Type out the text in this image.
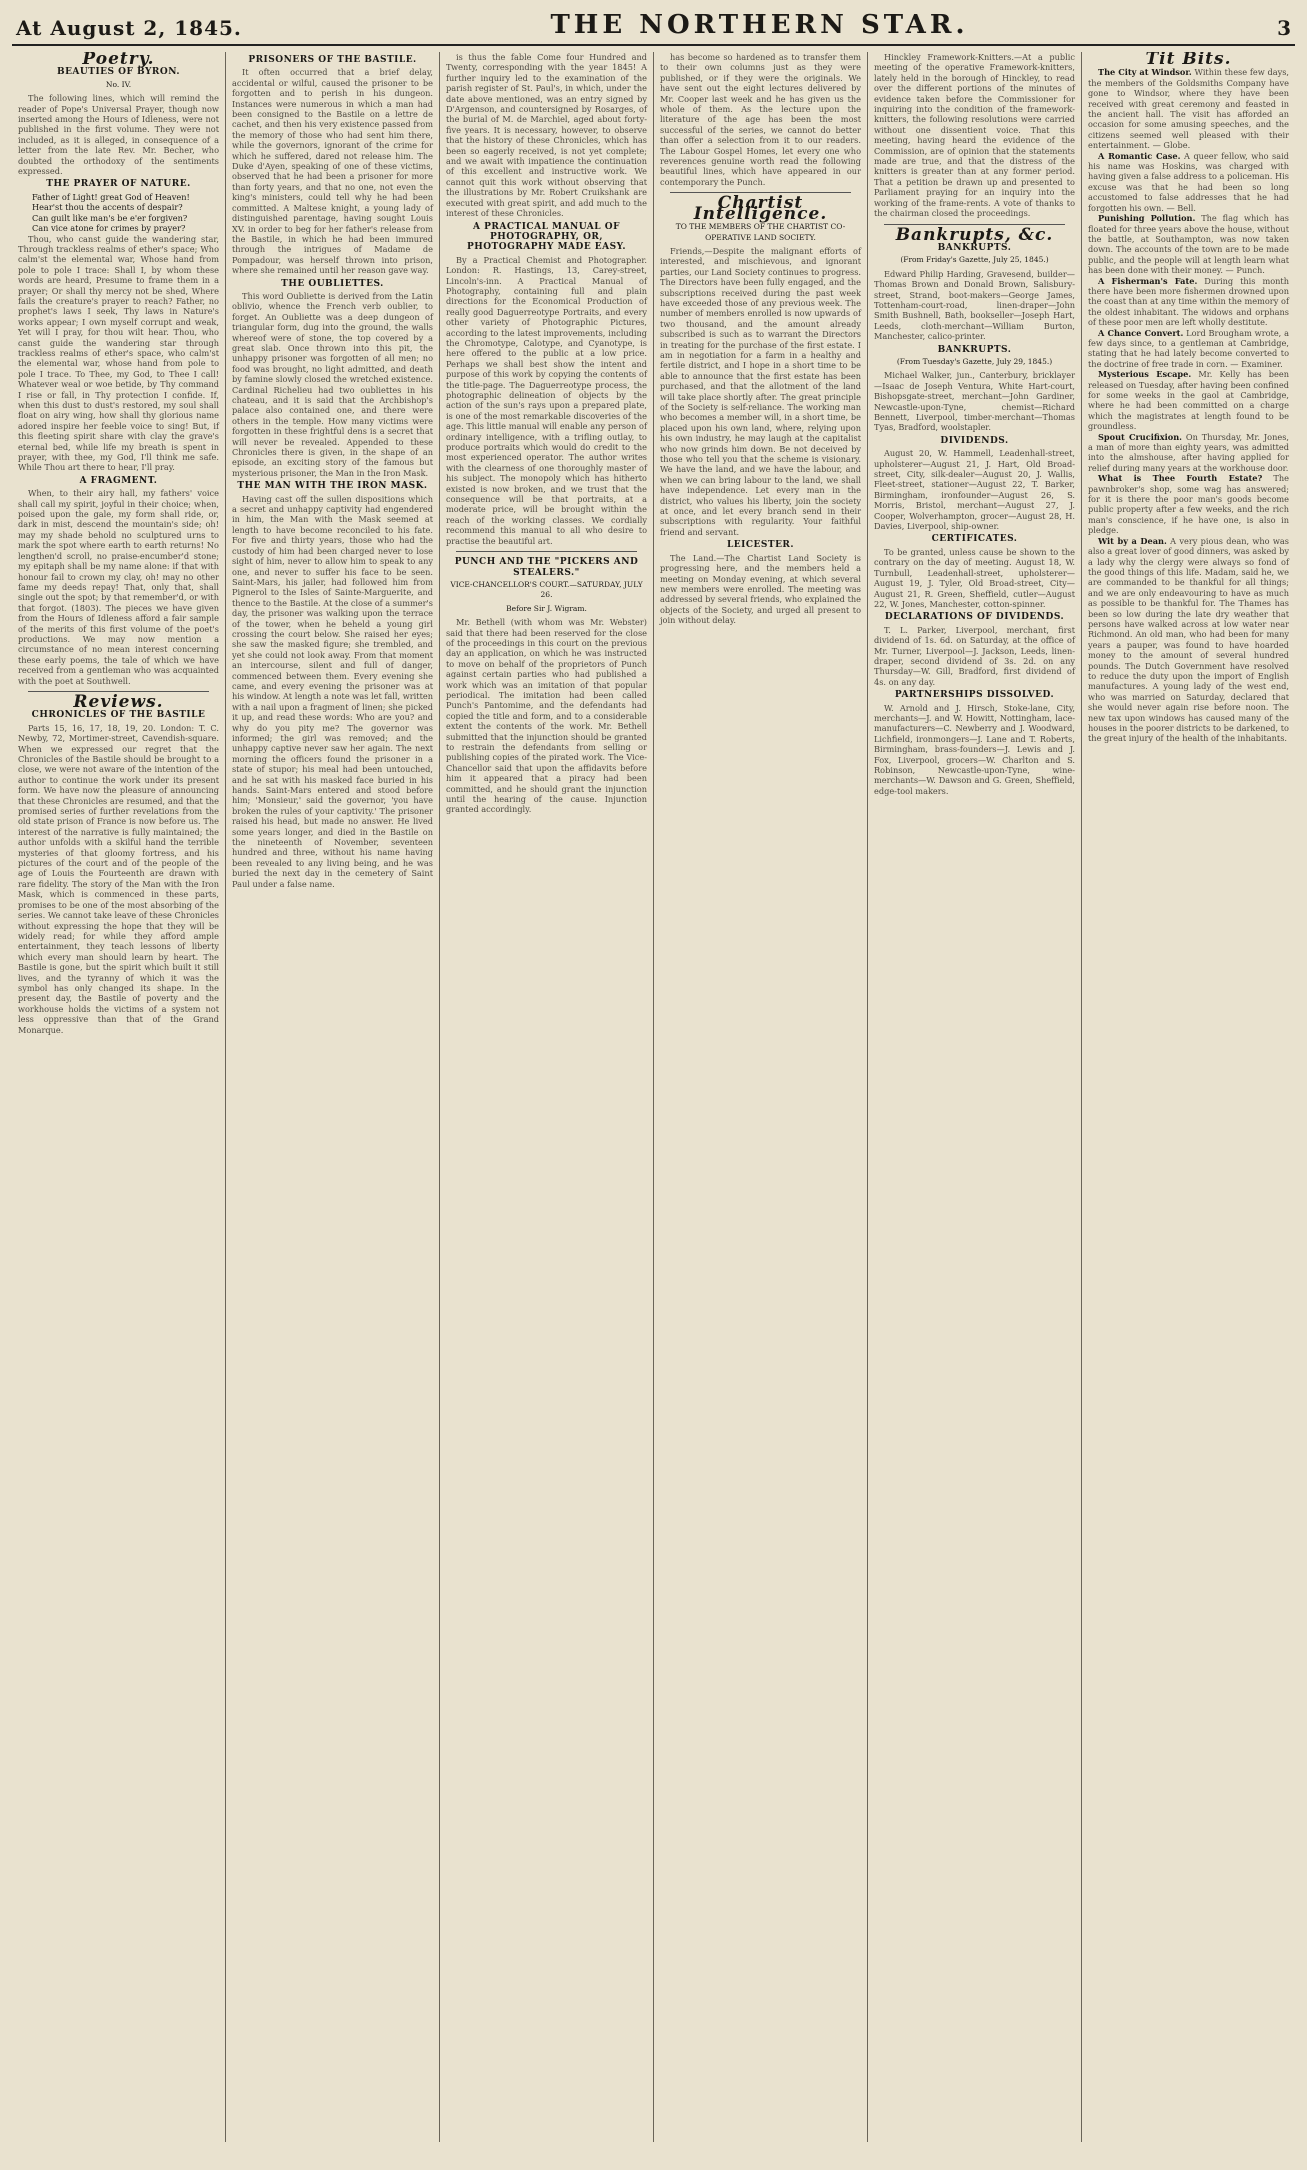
At August 2, 1845.	THE NORTHERN STAR.	3
Poetry.
BEAUTIES OF BYRON.
No. IV.

The following lines, which will remind the reader of Pope's Universal Prayer, though now inserted among the Hours of Idleness, were not published in the first volume. They were not included, as it is alleged, in consequence of a letter from the late Rev. Mr. Becher, who doubted the orthodoxy of the sentiments expressed.

THE PRAYER OF NATURE.

Father of Light! great God of Heaven!

Hear'st thou the accents of despair?

Can guilt like man's be e'er forgiven?

Can vice atone for crimes by prayer?

Thou, who canst guide the wandering star, Through trackless realms of ether's space; Who calm'st the elemental war, Whose hand from pole to pole I trace: Shall I, by whom these words are heard, Presume to frame them in a prayer; Or shall thy mercy not be shed, Where fails the creature's prayer to reach? Father, no prophet's laws I seek, Thy laws in Nature's works appear; I own myself corrupt and weak, Yet will I pray, for thou wilt hear. Thou, who canst guide the wandering star through trackless realms of ether's space, who calm'st the elemental war, whose hand from pole to pole I trace. To Thee, my God, to Thee I call! Whatever weal or woe betide, by Thy command I rise or fall, in Thy protection I confide. If, when this dust to dust's restored, my soul shall float on airy wing, how shall thy glorious name adored inspire her feeble voice to sing! But, if this fleeting spirit share with clay the grave's eternal bed, while life my breath is spent in prayer, with thee, my God, I'll think me safe. While Thou art there to hear, I'll pray.

A FRAGMENT.

When, to their airy hall, my fathers' voice shall call my spirit, joyful in their choice; when, poised upon the gale, my form shall ride, or, dark in mist, descend the mountain's side; oh! may my shade behold no sculptured urns to mark the spot where earth to earth returns! No lengthen'd scroll, no praise-encumber'd stone; my epitaph shall be my name alone: if that with honour fail to crown my clay, oh! may no other fame my deeds repay! That, only that, shall single out the spot; by that remember'd, or with that forgot. (1803). The pieces we have given from the Hours of Idleness afford a fair sample of the merits of this first volume of the poet's productions. We may now mention a circumstance of no mean interest concerning these early poems, the tale of which we have received from a gentleman who was acquainted with the poet at Southwell.

Reviews.
CHRONICLES OF THE BASTILE

Parts 15, 16, 17, 18, 19, 20. London: T. C. Newby, 72, Mortimer-street, Cavendish-square. When we expressed our regret that the Chronicles of the Bastile should be brought to a close, we were not aware of the intention of the author to continue the work under its present form. We have now the pleasure of announcing that these Chronicles are resumed, and that the promised series of further revelations from the old state prison of France is now before us. The interest of the narrative is fully maintained; the author unfolds with a skilful hand the terrible mysteries of that gloomy fortress, and his pictures of the court and of the people of the age of Louis the Fourteenth are drawn with rare fidelity. The story of the Man with the Iron Mask, which is commenced in these parts, promises to be one of the most absorbing of the series. We cannot take leave of these Chronicles without expressing the hope that they will be widely read; for while they afford ample entertainment, they teach lessons of liberty which every man should learn by heart. The Bastile is gone, but the spirit which built it still lives, and the tyranny of which it was the symbol has only changed its shape. In the present day, the Bastile of poverty and the workhouse holds the victims of a system not less oppressive than that of the Grand Monarque.

PRISONERS OF THE BASTILE.

It often occurred that a brief delay, accidental or wilful, caused the prisoner to be forgotten and to perish in his dungeon. Instances were numerous in which a man had been consigned to the Bastile on a lettre de cachet, and then his very existence passed from the memory of those who had sent him there, while the governors, ignorant of the crime for which he suffered, dared not release him. The Duke d'Ayen, speaking of one of these victims, observed that he had been a prisoner for more than forty years, and that no one, not even the king's ministers, could tell why he had been committed. A Maltese knight, a young lady of distinguished parentage, having sought Louis XV. in order to beg for her father's release from the Bastile, in which he had been immured through the intrigues of Madame de Pompadour, was herself thrown into prison, where she remained until her reason gave way.

THE OUBLIETTES.

This word Oubliette is derived from the Latin oblivio, whence the French verb oublier, to forget. An Oubliette was a deep dungeon of triangular form, dug into the ground, the walls whereof were of stone, the top covered by a great slab. Once thrown into this pit, the unhappy prisoner was forgotten of all men; no food was brought, no light admitted, and death by famine slowly closed the wretched existence. Cardinal Richelieu had two oubliettes in his chateau, and it is said that the Archbishop's palace also contained one, and there were others in the temple. How many victims were forgotten in these frightful dens is a secret that will never be revealed. Appended to these Chronicles there is given, in the shape of an episode, an exciting story of the famous but mysterious prisoner, the Man in the Iron Mask.

THE MAN WITH THE IRON MASK.

Having cast off the sullen dispositions which a secret and unhappy captivity had engendered in him, the Man with the Mask seemed at length to have become reconciled to his fate. For five and thirty years, those who had the custody of him had been charged never to lose sight of him, never to allow him to speak to any one, and never to suffer his face to be seen. Saint-Mars, his jailer, had followed him from Pignerol to the Isles of Sainte-Marguerite, and thence to the Bastile. At the close of a summer's day, the prisoner was walking upon the terrace of the tower, when he beheld a young girl crossing the court below. She raised her eyes; she saw the masked figure; she trembled, and yet she could not look away. From that moment an intercourse, silent and full of danger, commenced between them. Every evening she came, and every evening the prisoner was at his window. At length a note was let fall, written with a nail upon a fragment of linen; she picked it up, and read these words: Who are you? and why do you pity me? The governor was informed; the girl was removed; and the unhappy captive never saw her again. The next morning the officers found the prisoner in a state of stupor; his meal had been untouched, and he sat with his masked face buried in his hands. Saint-Mars entered and stood before him; 'Monsieur,' said the governor, 'you have broken the rules of your captivity.' The prisoner raised his head, but made no answer. He lived some years longer, and died in the Bastile on the nineteenth of November, seventeen hundred and three, without his name having been revealed to any living being, and he was buried the next day in the cemetery of Saint Paul under a false name.

is thus the fable Come four Hundred and Twenty, corresponding with the year 1845! A further inquiry led to the examination of the parish register of St. Paul's, in which, under the date above mentioned, was an entry signed by D'Argenson, and countersigned by Rosarges, of the burial of M. de Marchiel, aged about forty-five years. It is necessary, however, to observe that the history of these Chronicles, which has been so eagerly received, is not yet complete; and we await with impatience the continuation of this excellent and instructive work. We cannot quit this work without observing that the illustrations by Mr. Robert Cruikshank are executed with great spirit, and add much to the interest of these Chronicles.

A PRACTICAL MANUAL OF PHOTOGRAPHY, OR, PHOTOGRAPHY MADE EASY.

By a Practical Chemist and Photographer. London: R. Hastings, 13, Carey-street, Lincoln's-inn. A Practical Manual of Photography, containing full and plain directions for the Economical Production of really good Daguerreotype Portraits, and every other variety of Photographic Pictures, according to the latest improvements, including the Chromotype, Calotype, and Cyanotype, is here offered to the public at a low price. Perhaps we shall best show the intent and purpose of this work by copying the contents of the title-page. The Daguerreotype process, the photographic delineation of objects by the action of the sun's rays upon a prepared plate, is one of the most remarkable discoveries of the age. This little manual will enable any person of ordinary intelligence, with a trifling outlay, to produce portraits which would do credit to the most experienced operator. The author writes with the clearness of one thoroughly master of his subject. The monopoly which has hitherto existed is now broken, and we trust that the consequence will be that portraits, at a moderate price, will be brought within the reach of the working classes. We cordially recommend this manual to all who desire to practise the beautiful art.

PUNCH AND THE "PICKERS AND STEALERS."
VICE-CHANCELLOR'S COURT.—SATURDAY, JULY 26.
Before Sir J. Wigram.

Mr. Bethell (with whom was Mr. Webster) said that there had been reserved for the close of the proceedings in this court on the previous day an application, on which he was instructed to move on behalf of the proprietors of Punch against certain parties who had published a work which was an imitation of that popular periodical. The imitation had been called Punch's Pantomime, and the defendants had copied the title and form, and to a considerable extent the contents of the work. Mr. Bethell submitted that the injunction should be granted to restrain the defendants from selling or publishing copies of the pirated work. The Vice-Chancellor said that upon the affidavits before him it appeared that a piracy had been committed, and he should grant the injunction until the hearing of the cause. Injunction granted accordingly.

has become so hardened as to transfer them to their own columns just as they were published, or if they were the originals. We have sent out the eight lectures delivered by Mr. Cooper last week and he has given us the whole of them. As the lecture upon the literature of the age has been the most successful of the series, we cannot do better than offer a selection from it to our readers. The Labour Gospel Homes, let every one who reverences genuine worth read the following beautiful lines, which have appeared in our contemporary the Punch.

Chartist Intelligence.
TO THE MEMBERS OF THE CHARTIST CO-OPERATIVE LAND SOCIETY.

Friends,—Despite the malignant efforts of interested, and mischievous, and ignorant parties, our Land Society continues to progress. The Directors have been fully engaged, and the subscriptions received during the past week have exceeded those of any previous week. The number of members enrolled is now upwards of two thousand, and the amount already subscribed is such as to warrant the Directors in treating for the purchase of the first estate. I am in negotiation for a farm in a healthy and fertile district, and I hope in a short time to be able to announce that the first estate has been purchased, and that the allotment of the land will take place shortly after. The great principle of the Society is self-reliance. The working man who becomes a member will, in a short time, be placed upon his own land, where, relying upon his own industry, he may laugh at the capitalist who now grinds him down. Be not deceived by those who tell you that the scheme is visionary. We have the land, and we have the labour, and when we can bring labour to the land, we shall have independence. Let every man in the district, who values his liberty, join the society at once, and let every branch send in their subscriptions with regularity. Your faithful friend and servant.

LEICESTER.

The Land.—The Chartist Land Society is progressing here, and the members held a meeting on Monday evening, at which several new members were enrolled. The meeting was addressed by several friends, who explained the objects of the Society, and urged all present to join without delay.

Hinckley Framework-Knitters.—At a public meeting of the operative Framework-knitters, lately held in the borough of Hinckley, to read over the different portions of the minutes of evidence taken before the Commissioner for inquiring into the condition of the framework-knitters, the following resolutions were carried without one dissentient voice. That this meeting, having heard the evidence of the Commission, are of opinion that the statements made are true, and that the distress of the knitters is greater than at any former period. That a petition be drawn up and presented to Parliament praying for an inquiry into the working of the frame-rents. A vote of thanks to the chairman closed the proceedings.

Bankrupts, &c.
BANKRUPTS.
(From Friday's Gazette, July 25, 1845.)

Edward Philip Harding, Gravesend, builder—Thomas Brown and Donald Brown, Salisbury-street, Strand, boot-makers—George James, Tottenham-court-road, linen-draper—John Smith Bushnell, Bath, bookseller—Joseph Hart, Leeds, cloth-merchant—William Burton, Manchester, calico-printer.

BANKRUPTS.
(From Tuesday's Gazette, July 29, 1845.)

Michael Walker, jun., Canterbury, bricklayer—Isaac de Joseph Ventura, White Hart-court, Bishopsgate-street, merchant—John Gardiner, Newcastle-upon-Tyne, chemist—Richard Bennett, Liverpool, timber-merchant—Thomas Tyas, Bradford, woolstapler.

DIVIDENDS.

August 20, W. Hammell, Leadenhall-street, upholsterer—August 21, J. Hart, Old Broad-street, City, silk-dealer—August 20, J. Wallis, Fleet-street, stationer—August 22, T. Barker, Birmingham, ironfounder—August 26, S. Morris, Bristol, merchant—August 27, J. Cooper, Wolverhampton, grocer—August 28, H. Davies, Liverpool, ship-owner.

CERTIFICATES.

To be granted, unless cause be shown to the contrary on the day of meeting. August 18, W. Turnbull, Leadenhall-street, upholsterer—August 19, J. Tyler, Old Broad-street, City—August 21, R. Green, Sheffield, cutler—August 22, W. Jones, Manchester, cotton-spinner.

DECLARATIONS OF DIVIDENDS.

T. L. Parker, Liverpool, merchant, first dividend of 1s. 6d. on Saturday, at the office of Mr. Turner, Liverpool—J. Jackson, Leeds, linen-draper, second dividend of 3s. 2d. on any Thursday—W. Gill, Bradford, first dividend of 4s. on any day.

PARTNERSHIPS DISSOLVED.

W. Arnold and J. Hirsch, Stoke-lane, City, merchants—J. and W. Howitt, Nottingham, lace-manufacturers—C. Newberry and J. Woodward, Lichfield, ironmongers—J. Lane and T. Roberts, Birmingham, brass-founders—J. Lewis and J. Fox, Liverpool, grocers—W. Charlton and S. Robinson, Newcastle-upon-Tyne, wine-merchants—W. Dawson and G. Green, Sheffield, edge-tool makers.

Tit Bits.

The City at Windsor. Within these few days, the members of the Goldsmiths Company have gone to Windsor, where they have been received with great ceremony and feasted in the ancient hall. The visit has afforded an occasion for some amusing speeches, and the citizens seemed well pleased with their entertainment. — Globe.

A Romantic Case. A queer fellow, who said his name was Hoskins, was charged with having given a false address to a policeman. His excuse was that he had been so long accustomed to false addresses that he had forgotten his own. — Bell.

Punishing Pollution. The flag which has floated for three years above the house, without the battle, at Southampton, was now taken down. The accounts of the town are to be made public, and the people will at length learn what has been done with their money. — Punch.

A Fisherman's Fate. During this month there have been more fishermen drowned upon the coast than at any time within the memory of the oldest inhabitant. The widows and orphans of these poor men are left wholly destitute.

A Chance Convert. Lord Brougham wrote, a few days since, to a gentleman at Cambridge, stating that he had lately become converted to the doctrine of free trade in corn. — Examiner.

Mysterious Escape. Mr. Kelly has been released on Tuesday, after having been confined for some weeks in the gaol at Cambridge, where he had been committed on a charge which the magistrates at length found to be groundless.

Spout Crucifixion. On Thursday, Mr. Jones, a man of more than eighty years, was admitted into the almshouse, after having applied for relief during many years at the workhouse door.

What is Thee Fourth Estate? The pawnbroker's shop, some wag has answered; for it is there the poor man's goods become public property after a few weeks, and the rich man's conscience, if he have one, is also in pledge.

Wit by a Dean. A very pious dean, who was also a great lover of good dinners, was asked by a lady why the clergy were always so fond of the good things of this life. Madam, said he, we are commanded to be thankful for all things; and we are only endeavouring to have as much as possible to be thankful for. The Thames has been so low during the late dry weather that persons have walked across at low water near Richmond. An old man, who had been for many years a pauper, was found to have hoarded money to the amount of several hundred pounds. The Dutch Government have resolved to reduce the duty upon the import of English manufactures. A young lady of the west end, who was married on Saturday, declared that she would never again rise before noon. The new tax upon windows has caused many of the houses in the poorer districts to be darkened, to the great injury of the health of the inhabitants.
